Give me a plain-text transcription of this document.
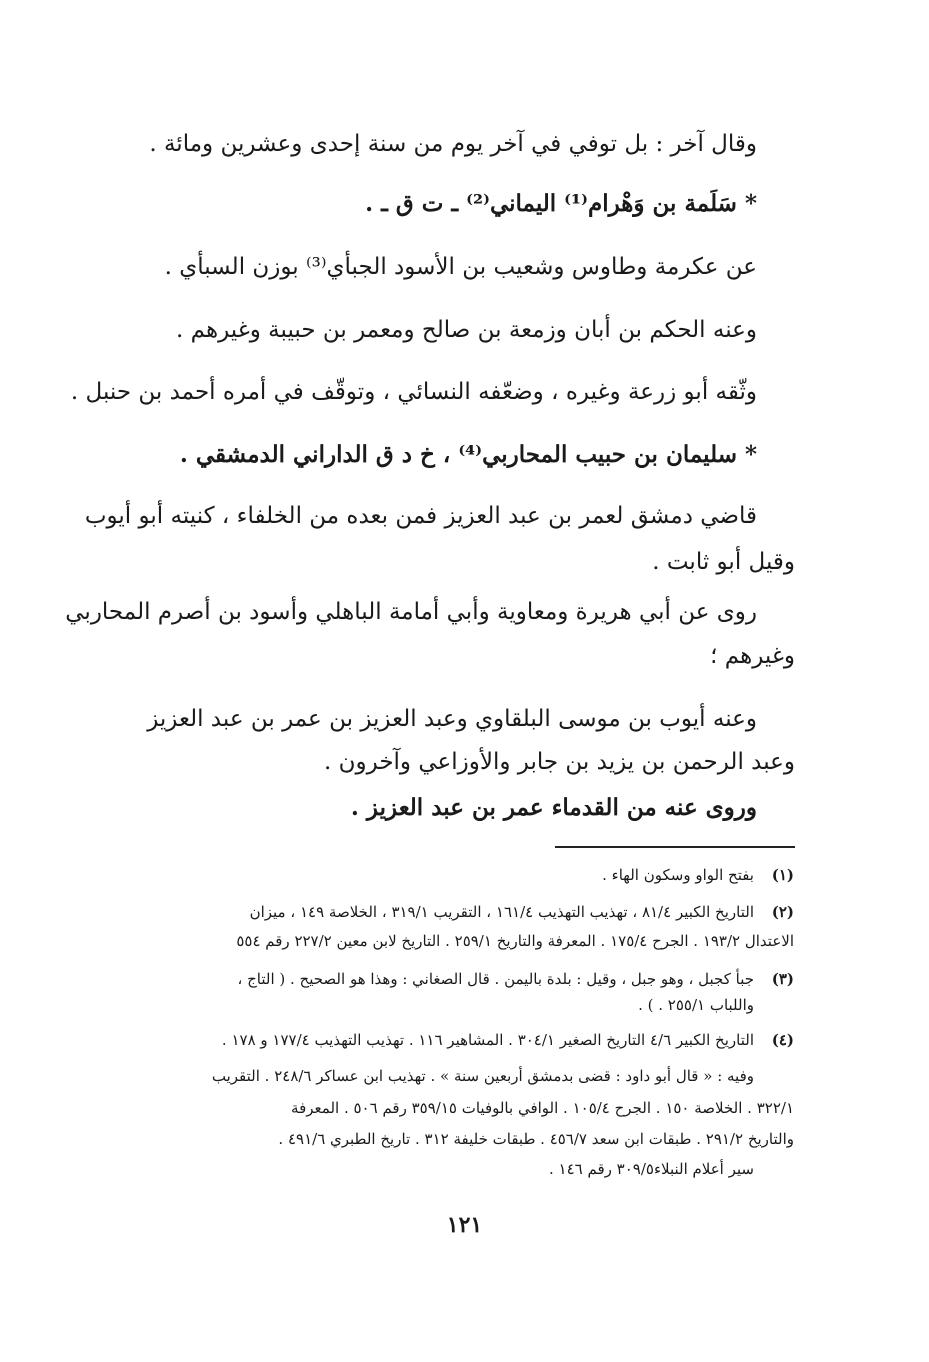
وقال آخر : بل توفي في آخر يوم من سنة إحدى وعشرين ومائة .
* سَلَمة بن وَهْرام⁽¹⁾ اليماني⁽²⁾ ـ ت ق ـ .
عن عكرمة وطاوس وشعيب بن الأسود الجبأي⁽³⁾ بوزن السبأي .
وعنه الحكم بن أبان وزمعة بن صالح ومعمر بن حبيبة وغيرهم .
وثّقه أبو زرعة وغيره ، وضعّفه النسائي ، وتوقّف في أمره أحمد بن حنبل .
* سليمان بن حبيب المحاربي⁽⁴⁾ ، خ د ق الداراني الدمشقي .
قاضي دمشق لعمر بن عبد العزيز فمن بعده من الخلفاء ، كنيته أبو أيوب
وقيل أبو ثابت .
روى عن أبي هريرة ومعاوية وأبي أمامة الباهلي وأسود بن أصرم المحاربي
وغيرهم ؛
وعنه أيوب بن موسى البلقاوي وعبد العزيز بن عمر بن عبد العزيز
وعبد الرحمن بن يزيد بن جابر والأوزاعي وآخرون .
وروى عنه من القدماء عمر بن عبد العزيز .
(١)
بفتح الواو وسكون الهاء .
(٢)
التاريخ الكبير ٨١/٤ ، تهذيب التهذيب ١٦١/٤ ، التقريب ٣١٩/١ ، الخلاصة ١٤٩ ، ميزان
الاعتدال ١٩٣/٢ . الجرح ١٧٥/٤ . المعرفة والتاريخ ٢٥٩/١ . التاريخ لابن معين ٢٢٧/٢ رقم ٥٥٤
(٣)
جبأ كجبل ، وهو جبل ، وقيل : بلدة باليمن . قال الصغاني : وهذا هو الصحيح . ( التاج ،
واللباب ٢٥٥/١ . ) .
(٤)
التاريخ الكبير ٤/٦ التاريخ الصغير ٣٠٤/١ . المشاهير ١١٦ . تهذيب التهذيب ١٧٧/٤ و ١٧٨ .
وفيه : « قال أبو داود : قضى بدمشق أربعين سنة » . تهذيب ابن عساكر ٢٤٨/٦ . التقريب
٣٢٢/١ . الخلاصة ١٥٠ . الجرح ١٠٥/٤ . الوافي بالوفيات ٣٥٩/١٥ رقم ٥٠٦ . المعرفة
والتاريخ ٢٩١/٢ . طبقات ابن سعد ٤٥٦/٧ . طبقات خليفة ٣١٢ . تاريخ الطبري ٤٩١/٦ .
سير أعلام النبلاء٣٠٩/٥ رقم ١٤٦ .
١٢١
